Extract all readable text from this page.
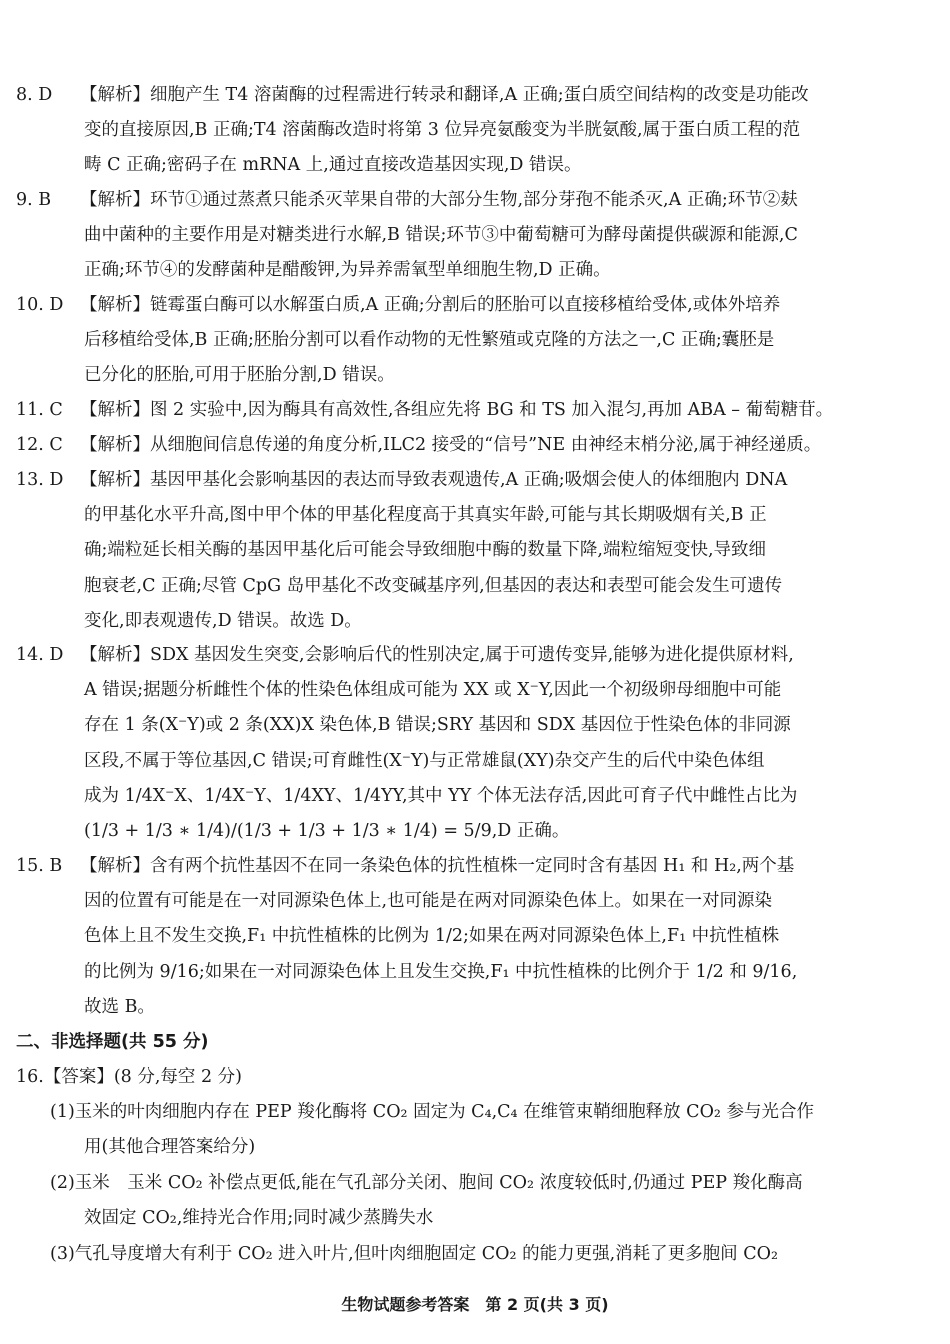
8. D 【解析】细胞产生 T4 溶菌酶的过程需进行转录和翻译,A 正确;蛋白质空间结构的改变是功能改
变的直接原因,B 正确;T4 溶菌酶改造时将第 3 位异亮氨酸变为半胱氨酸,属于蛋白质工程的范
畴 C 正确;密码子在 mRNA 上,通过直接改造基因实现,D 错误。
9. B 【解析】环节①通过蒸煮只能杀灭苹果自带的大部分生物,部分芽孢不能杀灭,A 正确;环节②麸
曲中菌种的主要作用是对糖类进行水解,B 错误;环节③中葡萄糖可为酵母菌提供碳源和能源,C
正确;环节④的发酵菌种是醋酸钾,为异养需氧型单细胞生物,D 正确。
10. D 【解析】链霉蛋白酶可以水解蛋白质,A 正确;分割后的胚胎可以直接移植给受体,或体外培养
后移植给受体,B 正确;胚胎分割可以看作动物的无性繁殖或克隆的方法之一,C 正确;囊胚是
已分化的胚胎,可用于胚胎分割,D 错误。
11. C 【解析】图 2 实验中,因为酶具有高效性,各组应先将 BG 和 TS 加入混匀,再加 ABA – 葡萄糖苷。
12. C 【解析】从细胞间信息传递的角度分析,ILC2 接受的“信号”NE 由神经末梢分泌,属于神经递质。
13. D 【解析】基因甲基化会影响基因的表达而导致表观遗传,A 正确;吸烟会使人的体细胞内 DNA
的甲基化水平升高,图中甲个体的甲基化程度高于其真实年龄,可能与其长期吸烟有关,B 正
确;端粒延长相关酶的基因甲基化后可能会导致细胞中酶的数量下降,端粒缩短变快,导致细
胞衰老,C 正确;尽管 CpG 岛甲基化不改变碱基序列,但基因的表达和表型可能会发生可遗传
变化,即表观遗传,D 错误。故选 D。
14. D 【解析】SDX 基因发生突变,会影响后代的性别决定,属于可遗传变异,能够为进化提供原材料,
A 错误;据题分析雌性个体的性染色体组成可能为 XX 或 X⁻Y,因此一个初级卵母细胞中可能
存在 1 条(X⁻Y)或 2 条(XX)X 染色体,B 错误;SRY 基因和 SDX 基因位于性染色体的非同源
区段,不属于等位基因,C 错误;可育雌性(X⁻Y)与正常雄鼠(XY)杂交产生的后代中染色体组
成为 1/4X⁻X、1/4X⁻Y、1/4XY、1/4YY,其中 YY 个体无法存活,因此可育子代中雌性占比为
(1/3 + 1/3 ∗ 1/4)/(1/3 + 1/3 + 1/3 ∗ 1/4) = 5/9,D 正确。
15. B 【解析】含有两个抗性基因不在同一条染色体的抗性植株一定同时含有基因 H₁ 和 H₂,两个基
因的位置有可能是在一对同源染色体上,也可能是在两对同源染色体上。如果在一对同源染
色体上且不发生交换,F₁ 中抗性植株的比例为 1/2;如果在两对同源染色体上,F₁ 中抗性植株
的比例为 9/16;如果在一对同源染色体上且发生交换,F₁ 中抗性植株的比例介于 1/2 和 9/16,
故选 B。
二、非选择题(共 55 分)
16.【答案】(8 分,每空 2 分)
(1)玉米的叶肉细胞内存在 PEP 羧化酶将 CO₂ 固定为 C₄,C₄ 在维管束鞘细胞释放 CO₂ 参与光合作
用(其他合理答案给分)
(2)玉米　玉米 CO₂ 补偿点更低,能在气孔部分关闭、胞间 CO₂ 浓度较低时,仍通过 PEP 羧化酶高
效固定 CO₂,维持光合作用;同时减少蒸腾失水
(3)气孔导度增大有利于 CO₂ 进入叶片,但叶肉细胞固定 CO₂ 的能力更强,消耗了更多胞间 CO₂
生物试题参考答案　第 2 页(共 3 页)
